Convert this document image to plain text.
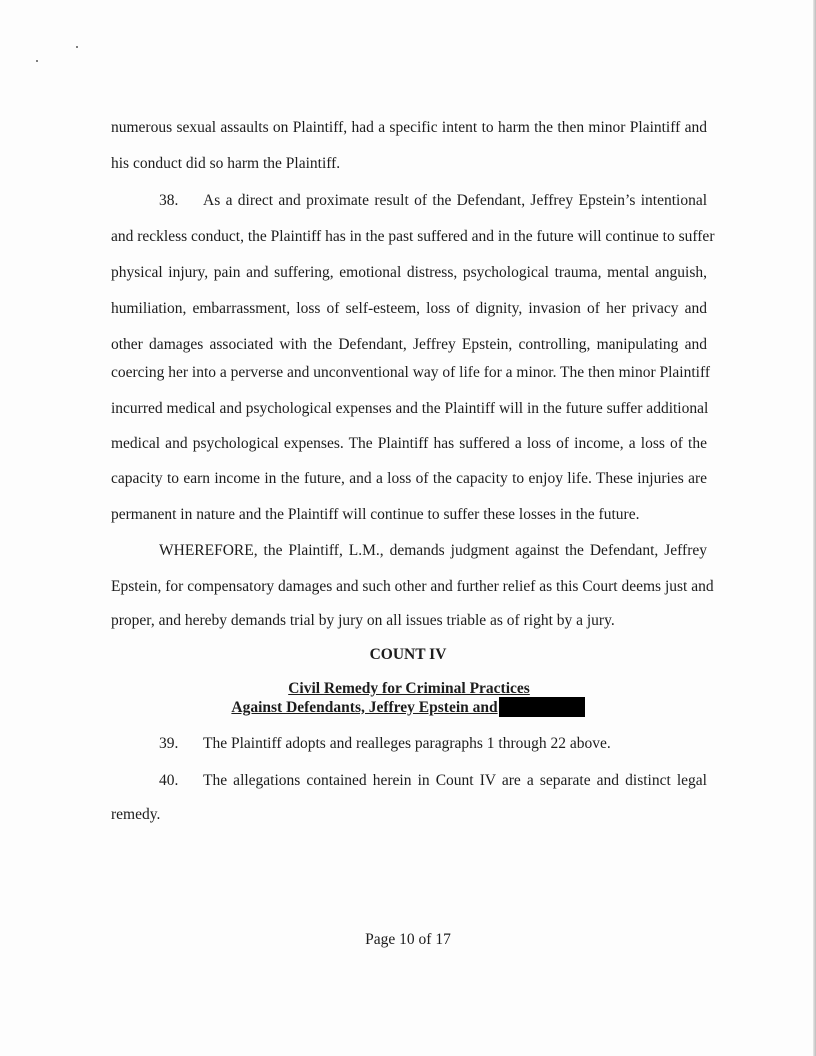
numerous sexual assaults on Plaintiff, had a specific intent to harm the then minor Plaintiff and
his conduct did so harm the Plaintiff.
38. As a direct and proximate result of the Defendant, Jeffrey Epstein’s intentional
and reckless conduct, the Plaintiff has in the past suffered and in the future will continue to suffer
physical injury, pain and suffering, emotional distress, psychological trauma, mental anguish,
humiliation, embarrassment, loss of self-esteem, loss of dignity, invasion of her privacy and
other damages associated with the Defendant, Jeffrey Epstein, controlling, manipulating and
coercing her into a perverse and unconventional way of life for a minor. The then minor Plaintiff
incurred medical and psychological expenses and the Plaintiff will in the future suffer additional
medical and psychological expenses. The Plaintiff has suffered a loss of income, a loss of the
capacity to earn income in the future, and a loss of the capacity to enjoy life. These injuries are
permanent in nature and the Plaintiff will continue to suffer these losses in the future.
WHEREFORE, the Plaintiff, L.M., demands judgment against the Defendant, Jeffrey
Epstein, for compensatory damages and such other and further relief as this Court deems just and
proper, and hereby demands trial by jury on all issues triable as of right by a jury.
COUNT IV
Civil Remedy for Criminal Practices
Against Defendants, Jeffrey Epstein and
39. The Plaintiff adopts and realleges paragraphs 1 through 22 above.
40. The allegations contained herein in Count IV are a separate and distinct legal
remedy.
Page 10 of 17
